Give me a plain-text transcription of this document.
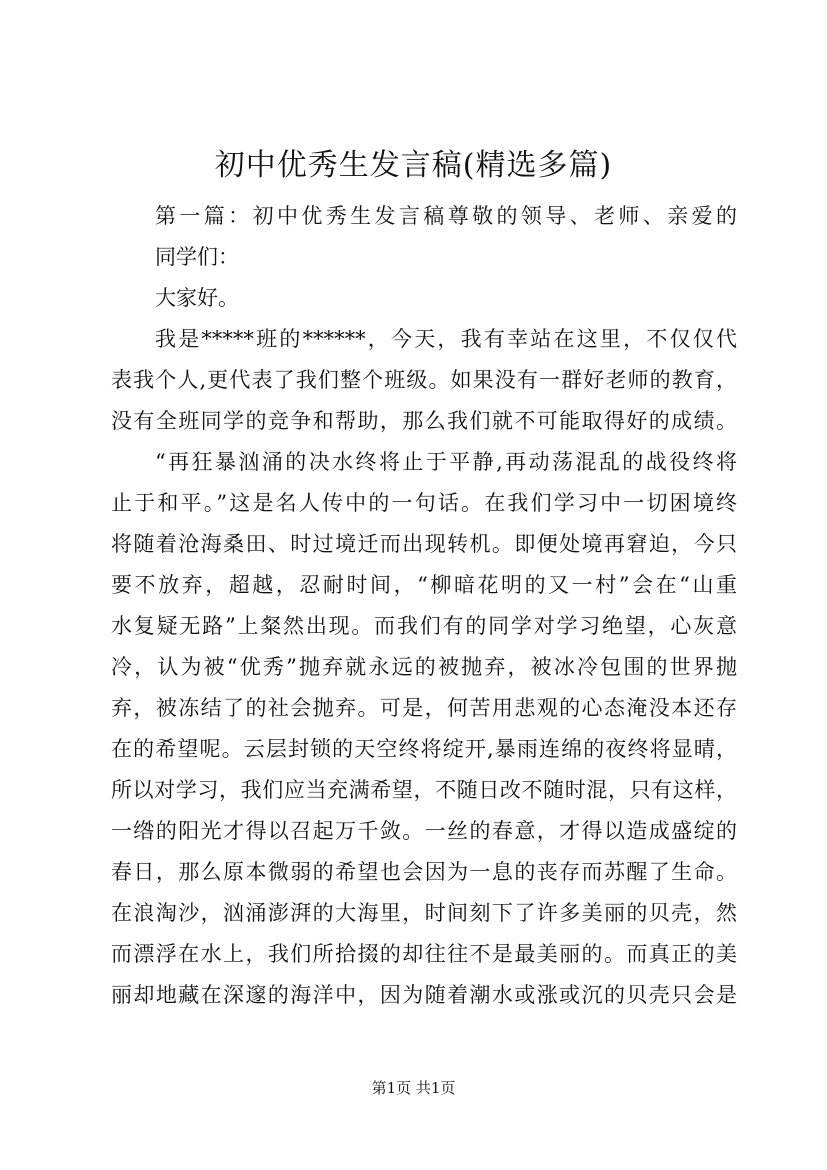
初中优秀生发言稿(精选多篇)
第一篇：初中优秀生发言稿尊敬的领导、老师、亲爱的
同学们：
大家好。
我是*****班的******，今天，我有幸站在这里，不仅仅代
表我个人,更代表了我们整个班级。如果没有一群好老师的教育，
没有全班同学的竞争和帮助，那么我们就不可能取得好的成绩。
“再狂暴汹涌的决水终将止于平静,再动荡混乱的战役终将
止于和平。”这是名人传中的一句话。在我们学习中一切困境终
将随着沧海桑田、时过境迁而出现转机。即便处境再窘迫，今只
要不放弃，超越，忍耐时间，“柳暗花明的又一村”会在“山重
水复疑无路”上粲然出现。而我们有的同学对学习绝望，心灰意
冷，认为被“优秀”抛弃就永远的被抛弃，被冰冷包围的世界抛
弃，被冻结了的社会抛弃。可是，何苦用悲观的心态淹没本还存
在的希望呢。云层封锁的天空终将绽开,暴雨连绵的夜终将显晴，
所以对学习，我们应当充满希望，不随日改不随时混，只有这样，
一绺的阳光才得以召起万千敛。一丝的春意，才得以造成盛绽的
春日，那么原本微弱的希望也会因为一息的丧存而苏醒了生命。
在浪淘沙，汹涌澎湃的大海里，时间刻下了许多美丽的贝壳，然
而漂浮在水上，我们所拾掇的却往往不是最美丽的。而真正的美
丽却地藏在深邃的海洋中，因为随着潮水或涨或沉的贝壳只会是
第1页 共1页
